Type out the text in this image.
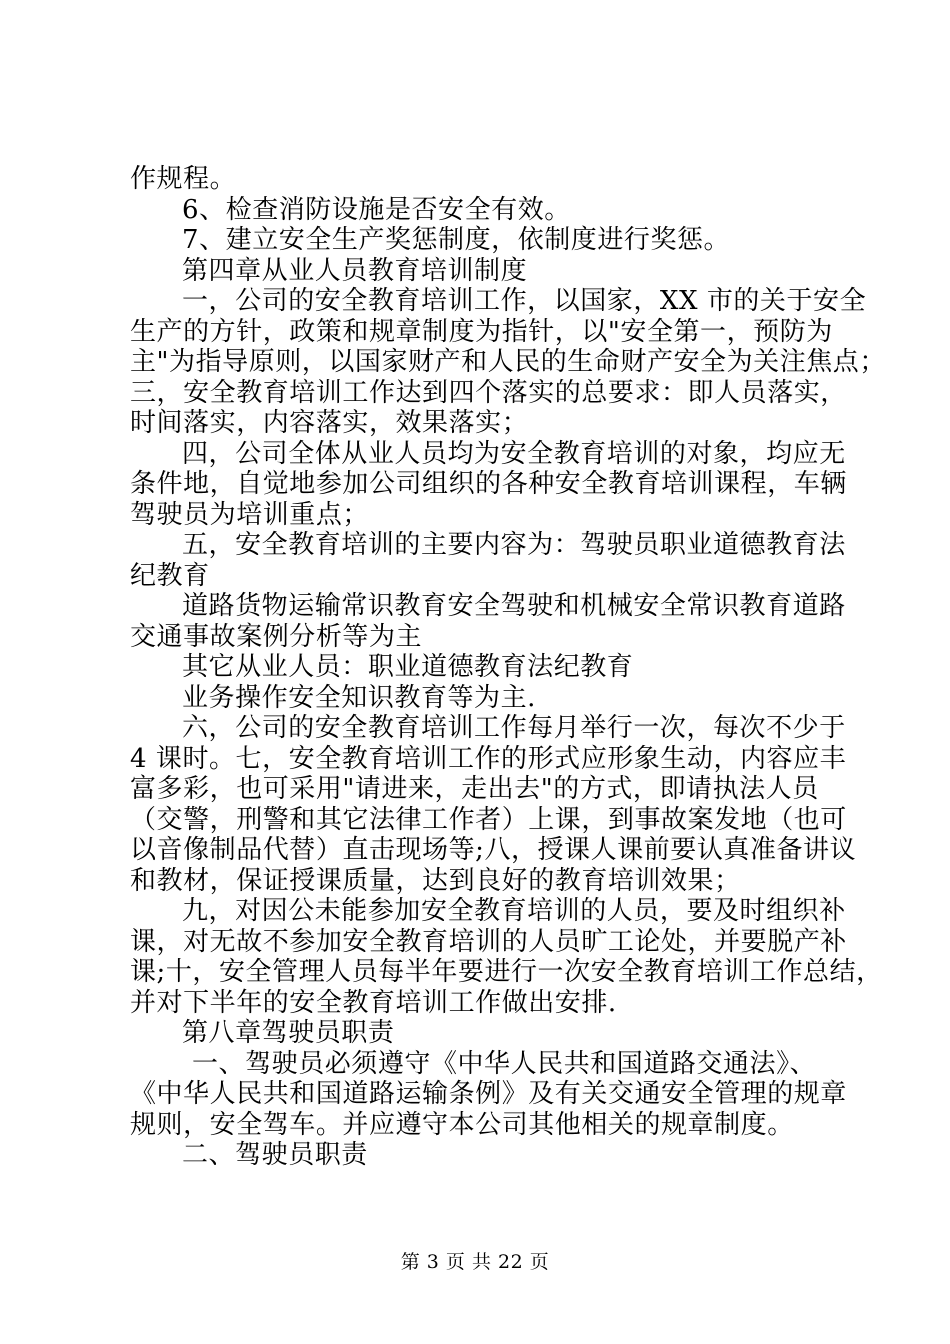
作规程。
6、检查消防设施是否安全有效。
7、建立安全生产奖惩制度，依制度进行奖惩。
第四章从业人员教育培训制度
一，公司的安全教育培训工作，以国家，XX 市的关于安全
生产的方针，政策和规章制度为指针，以"安全第一，预防为
主"为指导原则，以国家财产和人民的生命财产安全为关注焦点；
三，安全教育培训工作达到四个落实的总要求：即人员落实，
时间落实，内容落实，效果落实；
四，公司全体从业人员均为安全教育培训的对象，均应无
条件地，自觉地参加公司组织的各种安全教育培训课程，车辆
驾驶员为培训重点；
五，安全教育培训的主要内容为：驾驶员职业道德教育法
纪教育
道路货物运输常识教育安全驾驶和机械安全常识教育道路
交通事故案例分析等为主
其它从业人员：职业道德教育法纪教育
业务操作安全知识教育等为主.
六，公司的安全教育培训工作每月举行一次，每次不少于
4 课时。七，安全教育培训工作的形式应形象生动，内容应丰
富多彩，也可采用"请进来，走出去"的方式，即请执法人员
（交警，刑警和其它法律工作者）上课，到事故案发地（也可
以音像制品代替）直击现场等;八，授课人课前要认真准备讲议
和教材，保证授课质量，达到良好的教育培训效果；
九，对因公未能参加安全教育培训的人员，要及时组织补
课，对无故不参加安全教育培训的人员旷工论处，并要脱产补
课;十，安全管理人员每半年要进行一次安全教育培训工作总结，
并对下半年的安全教育培训工作做出安排.
第八章驾驶员职责
一、驾驶员必须遵守《中华人民共和国道路交通法》、
《中华人民共和国道路运输条例》及有关交通安全管理的规章
规则，安全驾车。并应遵守本公司其他相关的规章制度。
二、驾驶员职责
第 3 页 共 22 页
